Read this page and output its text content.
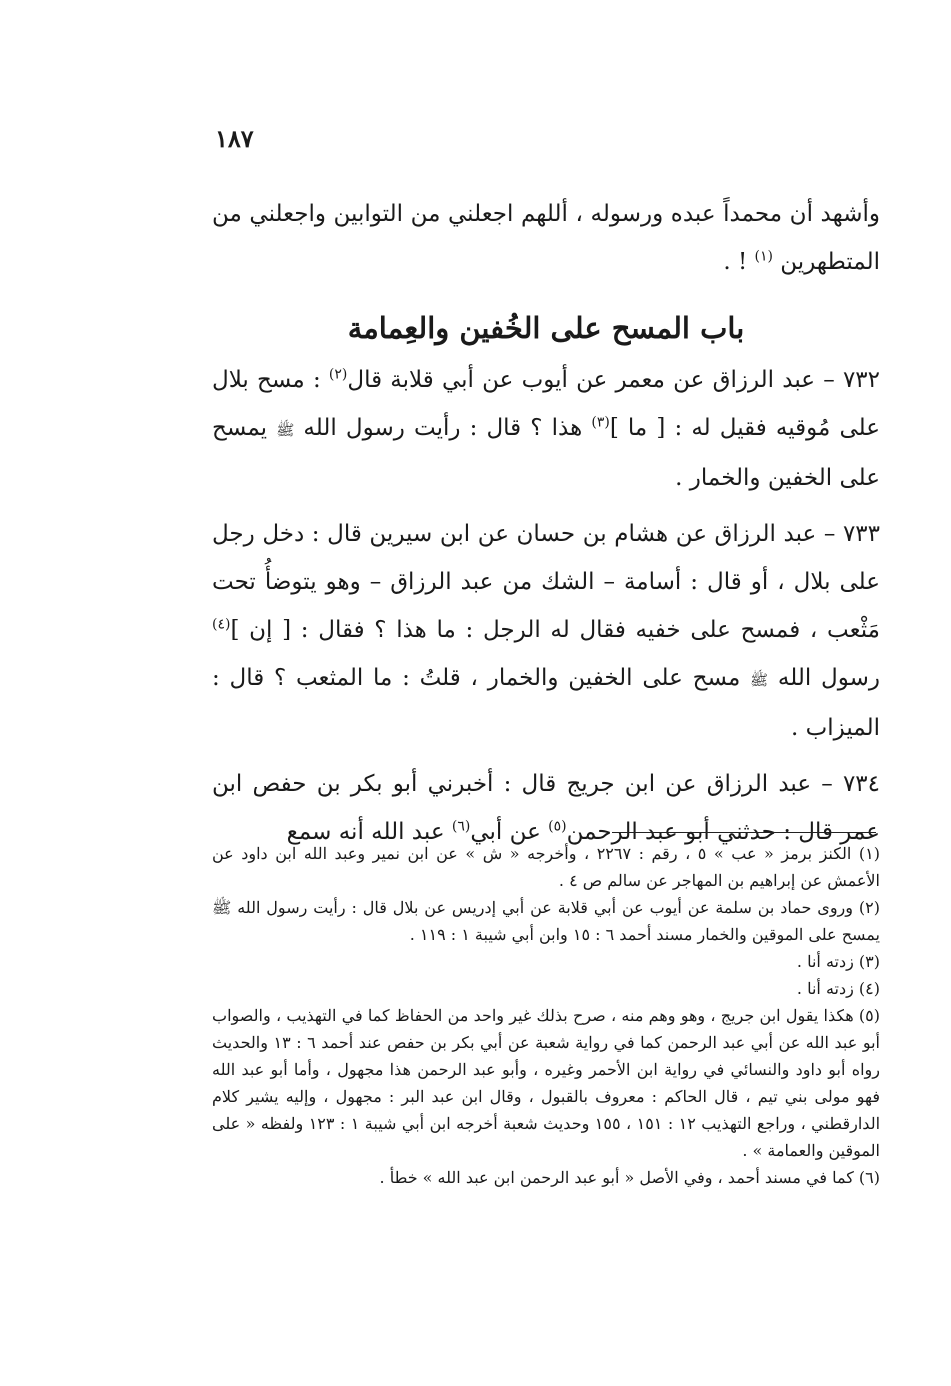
١٨٧

وأشهد أن محمداً عبده ورسوله ، أللهم اجعلني من التوابين واجعلني من المتطهرين $^{(١)}$ ! .

باب المسح على الخُفين والعِمامة

٧٣٢ – عبد الرزاق عن معمر عن أيوب عن أبي قلابة قال$^{(٢)}$ : مسح بلال على مُوقيه فقيل له : [ ما ]$^{(٣)}$ هذا ؟ قال : رأيت رسول الله ﷺ يمسح على الخفين والخمار .

٧٣٣ – عبد الرزاق عن هشام بن حسان عن ابن سيرين قال : دخل رجل على بلال ، أو قال : أسامة – الشك من عبد الرزاق – وهو يتوضأُ تحت مَثْعب ، فمسح على خفيه فقال له الرجل : ما هذا ؟ فقال : [ إن ]$^{(٤)}$ رسول الله ﷺ مسح على الخفين والخمار ، قلتُ : ما المثعب ؟ قال : الميزاب .

٧٣٤ – عبد الرزاق عن ابن جريج قال : أخبرني أبو بكر بن حفص ابن عمر قال : حدثني أبو عبد الرحمن$^{(٥)}$ عن أبي$^{(٦)}$ عبد الله أنه سمع

(١) الكنز برمز « عب » ٥ ، رقم : ٢٢٦٧ ، وأخرجه « ش » عن ابن نمير وعبد الله ابن داود عن الأعمش عن إبراهيم بن المهاجر عن سالم ص ٤ .

(٢) وروى حماد بن سلمة عن أيوب عن أبي قلابة عن أبي إدريس عن بلال قال : رأيت رسول الله ﷺ يمسح على الموقين والخمار مسند أحمد ٦ : ١٥ وابن أبي شيبة ١ : ١١٩ .

(٣) زدته أنا .

(٤) زدته أنا .

(٥) هكذا يقول ابن جريج ، وهو وهم منه ، صرح بذلك غير واحد من الحفاظ كما في التهذيب ، والصواب أبو عبد الله عن أبي عبد الرحمن كما في رواية شعبة عن أبي بكر بن حفص عند أحمد ٦ : ١٣ والحديث رواه أبو داود والنسائي في رواية ابن الأحمر وغيره ، وأبو عبد الرحمن هذا مجهول ، وأما أبو عبد الله فهو مولى بني تيم ، قال الحاكم : معروف بالقبول ، وقال ابن عبد البر : مجهول ، وإليه يشير كلام الدارقطني ، وراجع التهذيب ١٢ : ١٥١ ، ١٥٥ وحديث شعبة أخرجه ابن أبي شيبة ١ : ١٢٣ ولفظه « على الموقين والعمامة » .

(٦) كما في مسند أحمد ، وفي الأصل « أبو عبد الرحمن ابن عبد الله » خطأ .
